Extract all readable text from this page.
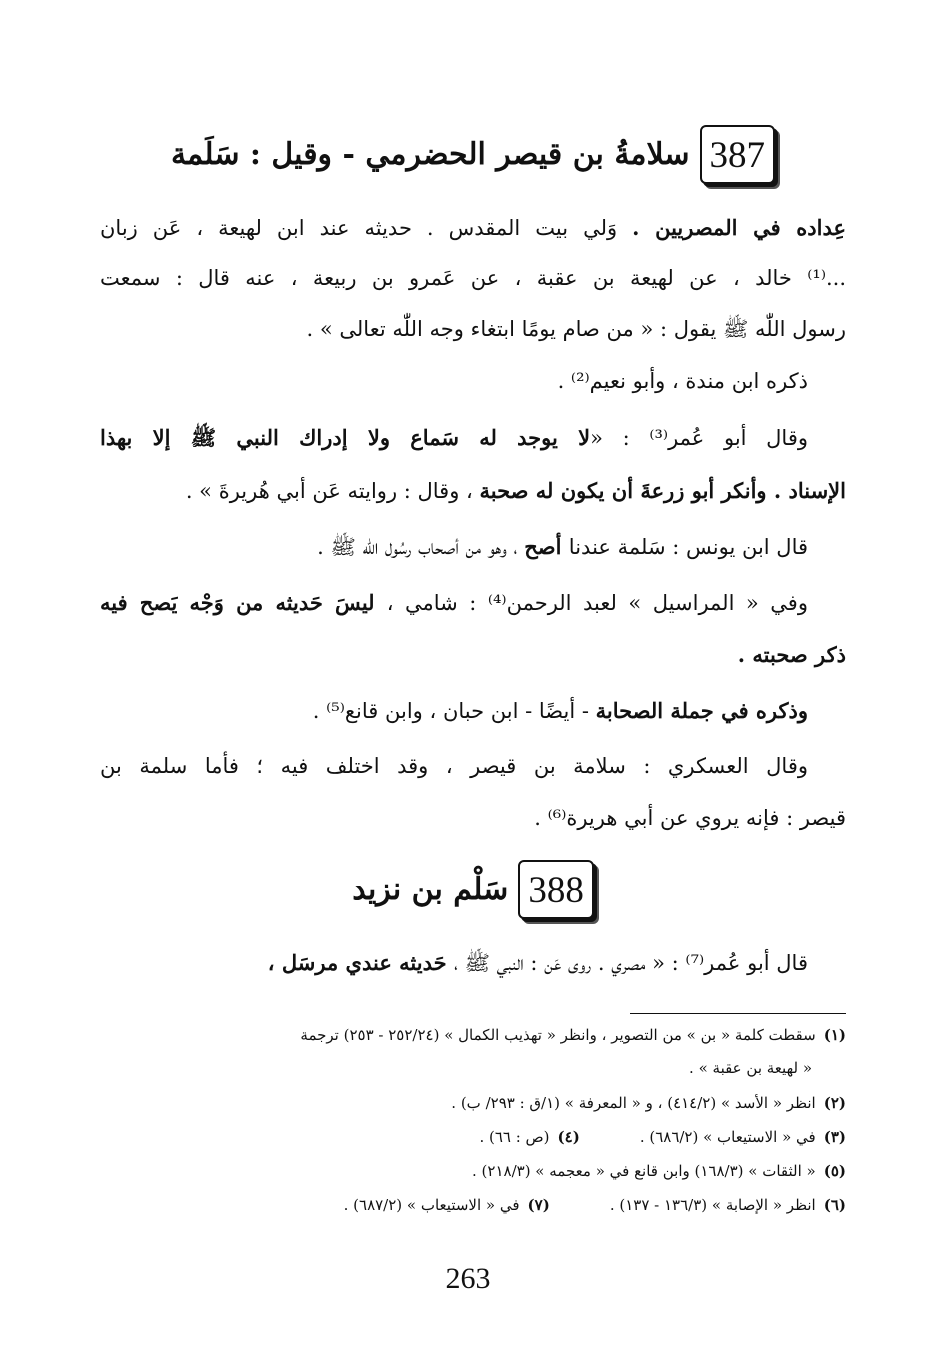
387
سلامةُ بن قيصر الحضرمي - وقيل : سَلَمة
عِداده في المصريين . وَلي بيت المقدس . حديثه عند ابن لهيعة ، عَن زبان
...⁽¹⁾ خالد ، عن لهيعة بن عقبة ، عن عَمرو بن ربيعة ، عنه قال : سمعت
رسول اللّٰه ﷺ يقول : « من صام يومًا ابتغاء وجه اللّٰه تعالى » .
ذكره ابن مندة ، وأبو نعيم⁽²⁾ .
وقال أبو عُمر⁽³⁾ : «لا يوجد له سَماع ولا إدراك النبي ﷺ إلا بهذا
الإسناد . وأنكر أبو زرعةَ أن يكون له صحبة ، وقال : روايته عَن أبي هُريرةَ » .
قال ابن يونس : سَلمة عندنا أصح ، وهو من أصحاب رسُول اللّٰه ﷺ .
وفي « المراسيل » لعبد الرحمن⁽⁴⁾ : شامي ، ليسَ حَديثه من وَجْه يَصح فيه
ذكر صحبته .
وذكره في جملة الصحابة - أيضًا - ابن حبان ، وابن قانع⁽⁵⁾ .
وقال العسكري : سلامة بن قيصر ، وقد اختلف فيه ؛ فأما سلمة بن
قيصر : فإنه يروي عن أبي هريرة⁽⁶⁾ .
388
سَلْم بن نزيد
قال أبو عُمر⁽⁷⁾ : « مصري . روى عَن : النبي ﷺ ، حَديثه عندي مرسَل ،
(١)سقطت كلمة « بن » من التصوير ، وانظر « تهذيب الكمال » (٢٥٢/٢٤ - ٢٥٣) ترجمة
« لهيعة بن عقبة » .
(٢)انظر « الأسد » (٤١٤/٢) ، و « المعرفة » (١/ق : ٢٩٣/ ب) .
(٣)في « الاستيعاب » (٦٨٦/٢) .(٤)(ص : ٦٦) .
(٥)« الثقات » (١٦٨/٣) وابن قانع في « معجمه » (٢١٨/٣) .
(٦)انظر « الإصابة » (١٣٦/٣ - ١٣٧) .(٧)في « الاستيعاب » (٦٨٧/٢) .
263
